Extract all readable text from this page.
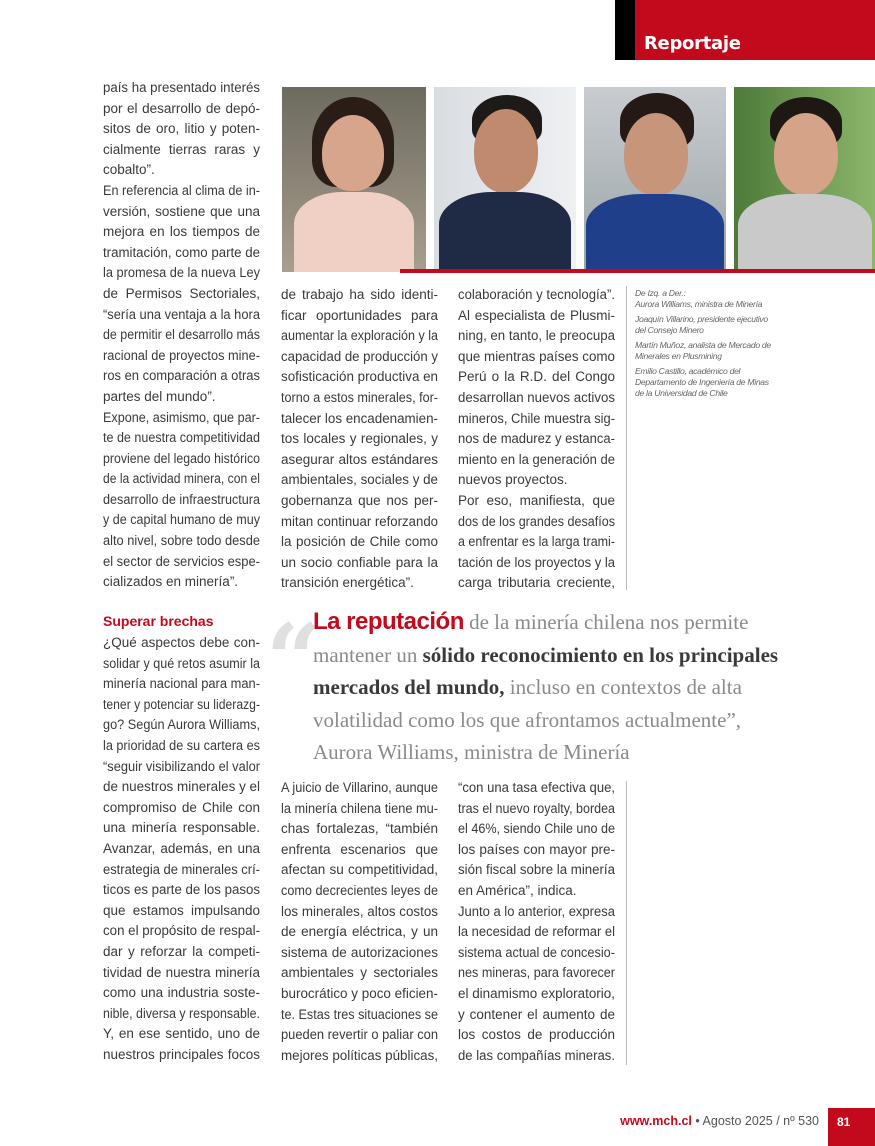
Reportaje
país ha presentado interés
por el desarrollo de depó-
sitos de oro, litio y poten-
cialmente tierras raras y
cobalto”.
En referencia al clima de in-
versión, sostiene que una
mejora en los tiempos de
tramitación, como parte de
la promesa de la nueva Ley
de Permisos Sectoriales,
“sería una ventaja a la hora
de permitir el desarrollo más
racional de proyectos mine-
ros en comparación a otras
partes del mundo”.
Expone, asimismo, que par-
te de nuestra competitividad
proviene del legado histórico
de la actividad minera, con el
desarrollo de infraestructura
y de capital humano de muy
alto nivel, sobre todo desde
el sector de servicios espe-
cializados en minería”.
de trabajo ha sido identi-
ficar oportunidades para
aumentar la exploración y la
capacidad de producción y
sofisticación productiva en
torno a estos minerales, for-
talecer los encadenamien-
tos locales y regionales, y
asegurar altos estándares
ambientales, sociales y de
gobernanza que nos per-
mitan continuar reforzando
la posición de Chile como
un socio confiable para la
transición energética”.
colaboración y tecnología”.
Al especialista de Plusmi-
ning, en tanto, le preocupa
que mientras países como
Perú o la R.D. del Congo
desarrollan nuevos activos
mineros, Chile muestra sig-
nos de madurez y estanca-
miento en la generación de
nuevos proyectos.
Por eso, manifiesta, que
dos de los grandes desafíos
a enfrentar es la larga trami-
tación de los proyectos y la
carga tributaria creciente,
De Izq. a Der.:
Aurora Williams, ministra de Minería
Joaquín Villarino, presidente ejecutivo del Consejo Minero
Martín Muñoz, analista de Mercado de Minerales en Plusmining
Emilio Castillo, académico del Departamento de Ingeniería de Minas de la Universidad de Chile
Superar brechas
¿Qué aspectos debe con-
solidar y qué retos asumir la
minería nacional para man-
tener y potenciar su liderazg-
go? Según Aurora Williams,
la prioridad de su cartera es
“seguir visibilizando el valor
de nuestros minerales y el
compromiso de Chile con
una minería responsable.
Avanzar, además, en una
estrategia de minerales crí-
ticos es parte de los pasos
que estamos impulsando
con el propósito de respal-
dar y reforzar la competi-
tividad de nuestra minería
como una industria soste-
nible, diversa y responsable.
Y, en ese sentido, uno de
nuestros principales focos
“
La reputación de la minería chilena nos permite
mantener un sólido reconocimiento en los principales
mercados del mundo, incluso en contextos de alta
volatilidad como los que afrontamos actualmente”,
Aurora Williams, ministra de Minería
A juicio de Villarino, aunque
la minería chilena tiene mu-
chas fortalezas, “también
enfrenta escenarios que
afectan su competitividad,
como decrecientes leyes de
los minerales, altos costos
de energía eléctrica, y un
sistema de autorizaciones
ambientales y sectoriales
burocrático y poco eficien-
te. Estas tres situaciones se
pueden revertir o paliar con
mejores políticas públicas,
“con una tasa efectiva que,
tras el nuevo royalty, bordea
el 46%, siendo Chile uno de
los países con mayor pre-
sión fiscal sobre la minería
en América”, indica.
Junto a lo anterior, expresa
la necesidad de reformar el
sistema actual de concesio-
nes mineras, para favorecer
el dinamismo exploratorio,
y contener el aumento de
los costos de producción
de las compañías mineras.
www.mch.cl • Agosto 2025 / nº 530 81
